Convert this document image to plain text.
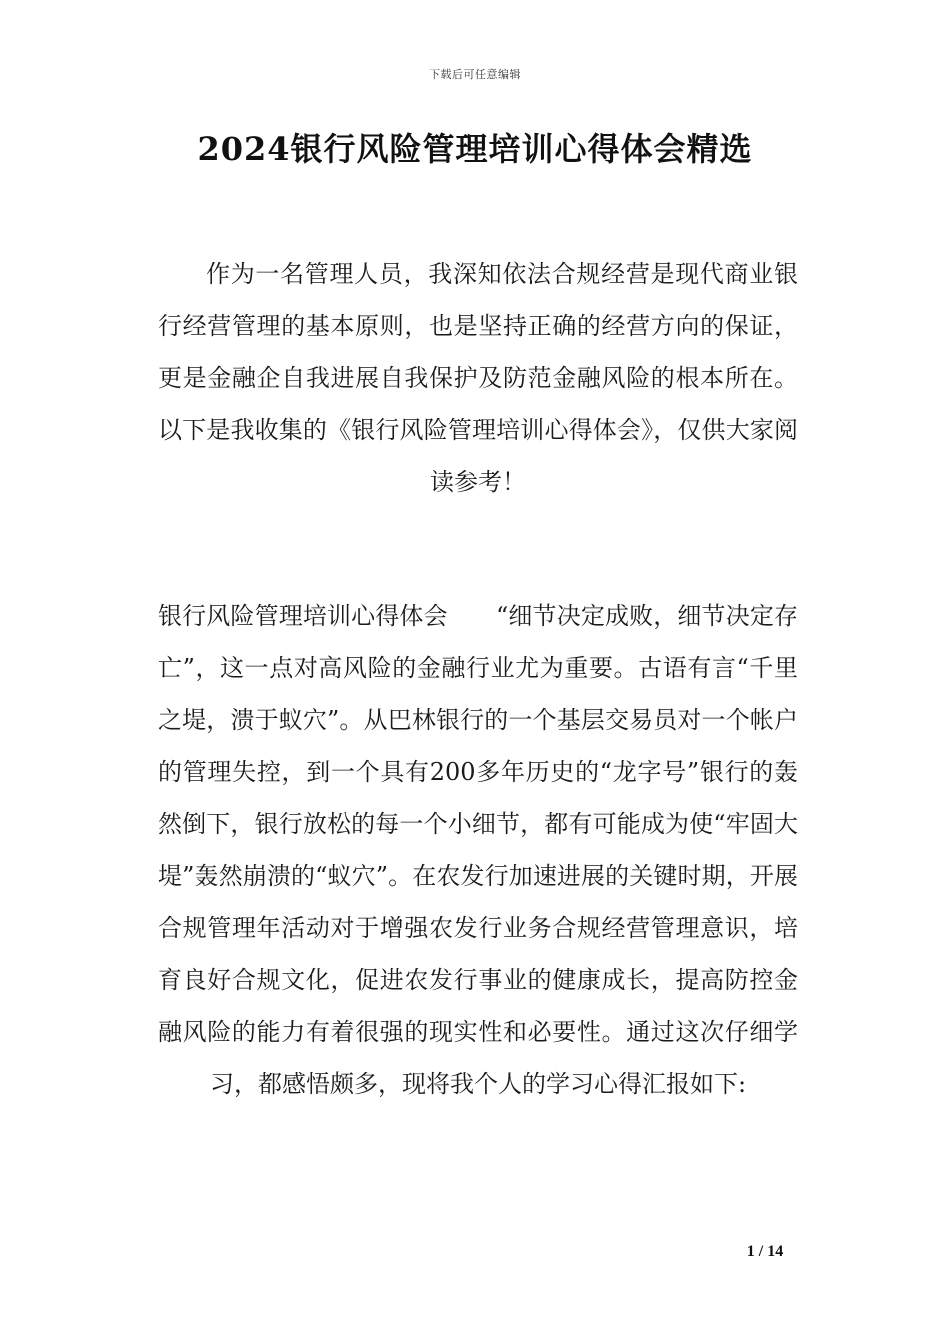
下载后可任意编辑
2024银行风险管理培训心得体会精选

作为一名管理人员，我深知依法合规经营是现代商业银行经营管理的基本原则，也是坚持正确的经营方向的保证，更是金融企自我进展自我保护及防范金融风险的根本所在。以下是我收集的《银行风险管理培训心得体会》，仅供大家阅读参考！

银行风险管理培训心得体会　　“细节决定成败，细节决定存亡”，这一点对高风险的金融行业尤为重要。古语有言“千里之堤，溃于蚁穴”。从巴林银行的一个基层交易员对一个帐户的管理失控，到一个具有200多年历史的“龙字号”银行的轰然倒下，银行放松的每一个小细节，都有可能成为使“牢固大堤”轰然崩溃的“蚁穴”。在农发行加速进展的关键时期，开展合规管理年活动对于增强农发行业务合规经营管理意识，培育良好合规文化，促进农发行事业的健康成长，提高防控金融风险的能力有着很强的现实性和必要性。通过这次仔细学习，都感悟颇多，现将我个人的学习心得汇报如下:

1 / 14
